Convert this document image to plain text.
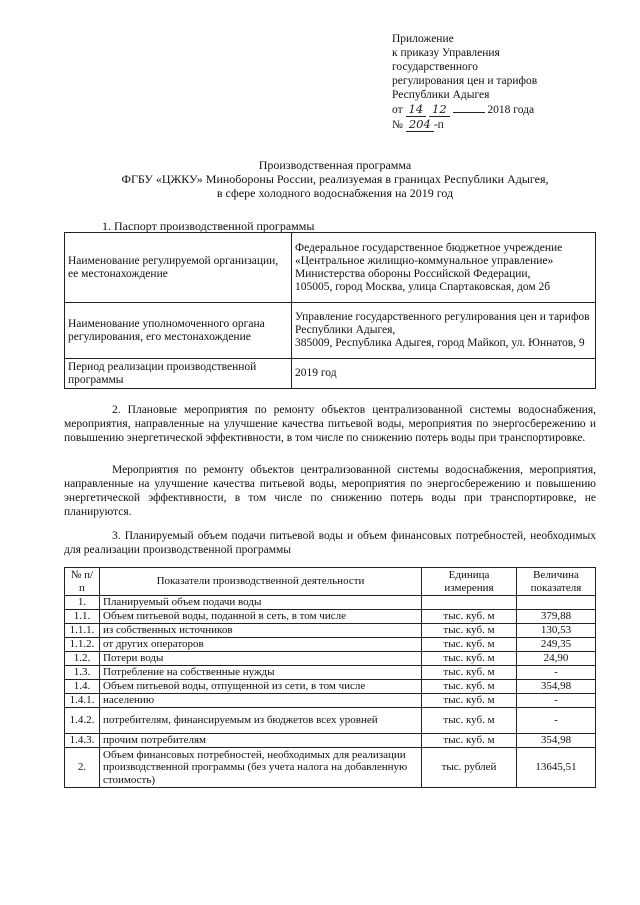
Приложение
к приказу Управления
государственного
регулирования цен и тарифов
Республики Адыгея
от 14 12	2018 года
№ 204 -п
Производственная программа
ФГБУ «ЦЖКУ» Минобороны России, реализуемая в границах Республики Адыгея,
в сфере холодного водоснабжения на 2019 год
1. Паспорт производственной программы
Наименование регулируемой организации, ее местонахождение	Федеральное государственное бюджетное учреждение «Центральное жилищно-коммунальное управление» Министерства обороны Российской Федерации,
105005, город Москва, улица Спартаковская, дом 2б

Наименование уполномоченного органа регулирования, его местонахождение	Управление государственного регулирования цен и тарифов Республики Адыгея,
385009, Республика Адыгея, город Майкоп, ул. Юннатов, 9

Период реализации производственной программы	2019 год

2. Плановые мероприятия по ремонту объектов централизованной системы водоснабжения, мероприятия, направленные на улучшение качества питьевой воды, мероприятия по энергосбережению и повышению энергетической эффективности, в том числе по снижению потерь воды при транспортировке.

Мероприятия по ремонту объектов централизованной системы водоснабжения, мероприятия, направленные на улучшение качества питьевой воды, мероприятия по энергосбережению и повышению энергетической эффективности, в том числе по снижению потерь воды при транспортировке, не планируются.

3. Планируемый объем подачи питьевой воды и объем финансовых потребностей, необходимых для реализации производственной программы

№ п/п	Показатели производственной деятельности	Единица измерения	Величина показателя
1.	Планируемый объем подачи воды		
1.1.	Объем питьевой воды, поданной в сеть, в том числе	тыс. куб. м	379,88
1.1.1.	из собственных источников	тыс. куб. м	130,53
1.1.2.	от других операторов	тыс. куб. м	249,35
1.2.	Потери воды	тыс. куб. м	24,90
1.3.	Потребление на собственные нужды	тыс. куб. м	-
1.4.	Объем питьевой воды, отпущенной из сети, в том числе	тыс. куб. м	354,98
1.4.1.	населению	тыс. куб. м	-
1.4.2.	потребителям, финансируемым из бюджетов всех уровней	тыс. куб. м	-
1.4.3.	прочим потребителям	тыс. куб. м	354,98
2.	Объем финансовых потребностей, необходимых для реализации производственной программы (без учета налога на добавленную стоимость)	тыс. рублей	13645,51
